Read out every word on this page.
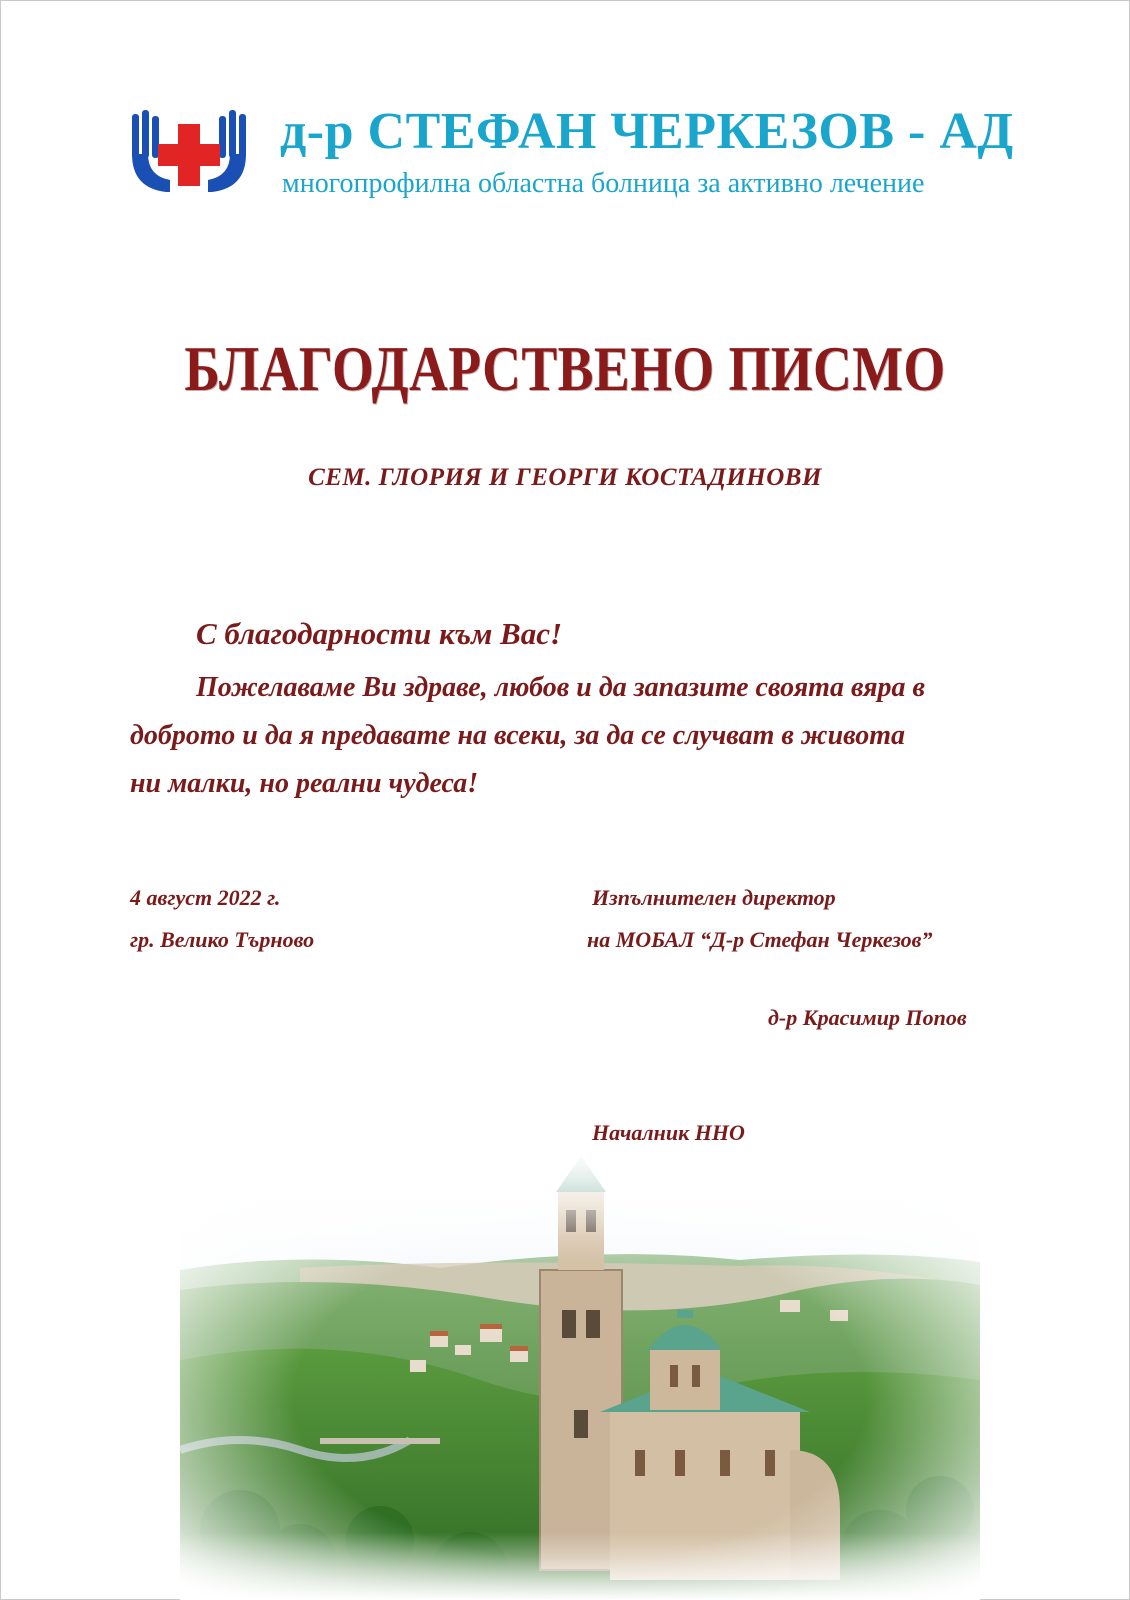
д-р СТЕФАН ЧЕРКЕЗОВ - АД
многопрофилна областна болница за активно лечение
БЛАГОДАРСТВЕНО ПИСМО
СЕМ. ГЛОРИЯ И ГЕОРГИ КОСТАДИНОВИ
С благодарности към Вас!
Пожелаваме Ви здраве, любов и да запазите своята вяра в
доброто и да я предавате на всеки, за да се случват в живота
ни малки, но реални чудеса!
4 август 2022 г.
гр. Велико Търново
Изпълнителен директор
на МОБАЛ “Д-р Стефан Черкезов”
д-р Красимир Попов
Началник ННО
